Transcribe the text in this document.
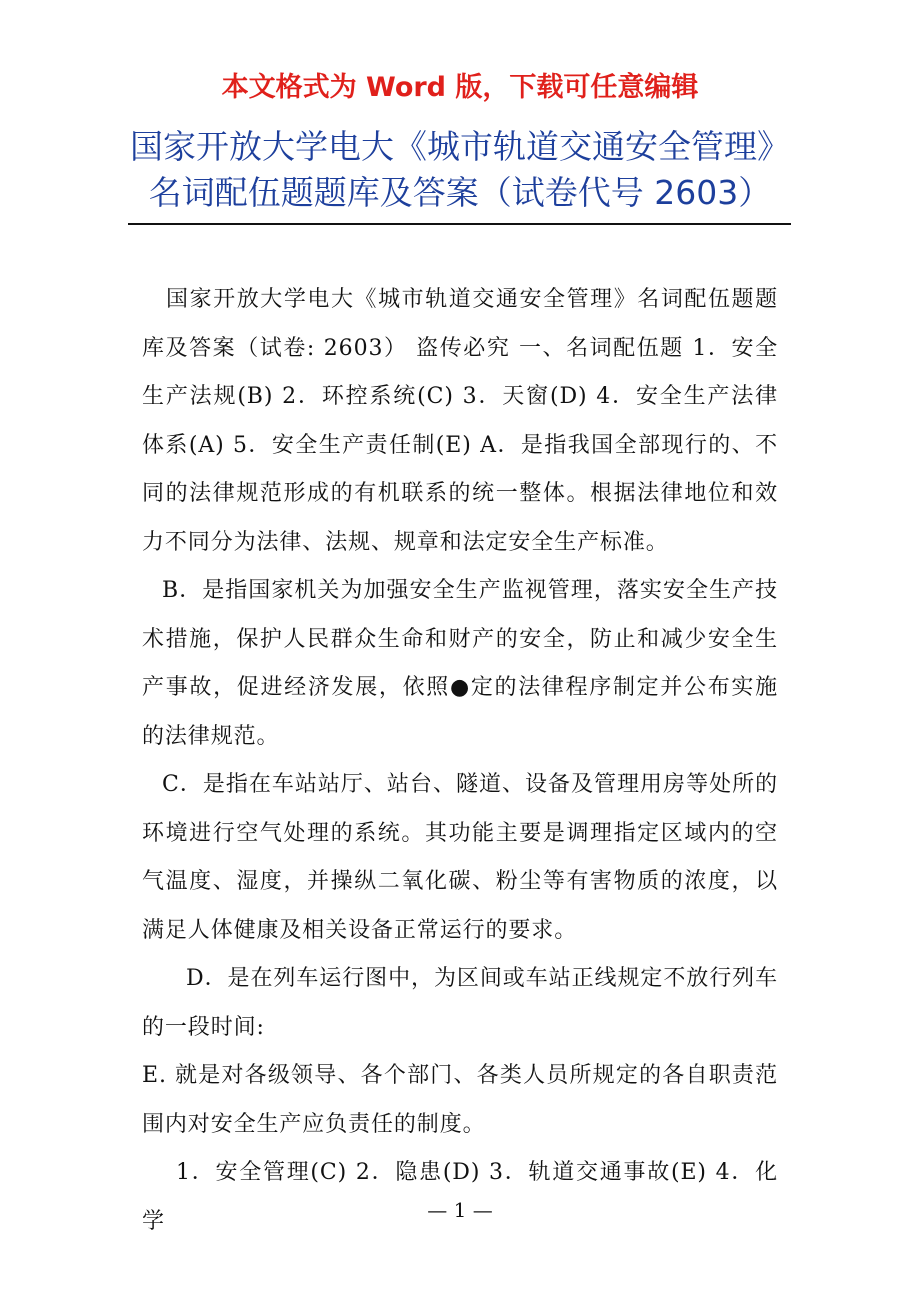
本文格式为 Word 版，下载可任意编辑
国家开放大学电大《城市轨道交通安全管理》
名词配伍题题库及答案（试卷代号 2603）

国家开放大学电大《城市轨道交通安全管理》名词配伍题题库及答案（试卷: 2603） 盗传必究 一、名词配伍题 1．安全生产法规(B) 2．环控系统(C) 3．天窗(D) 4．安全生产法律体系(A) 5．安全生产责任制(E) A．是指我国全部现行的、不同的法律规范形成的有机联系的统一整体。根据法律地位和效力不同分为法律、法规、规章和法定安全生产标准。

B．是指国家机关为加强安全生产监视管理，落实安全生产技术措施，保护人民群众生命和财产的安全，防止和减少安全生产事故，促进经济发展，依照●定的法律程序制定并公布实施的法律规范。

C．是指在车站站厅、站台、隧道、设备及管理用房等处所的环境进行空气处理的系统。其功能主要是调理指定区域内的空气温度、湿度，并操纵二氧化碳、粉尘等有害物质的浓度，以满足人体健康及相关设备正常运行的要求。

D．是在列车运行图中，为区间或车站正线规定不放行列车的一段时间:

E. 就是对各级领导、各个部门、各类人员所规定的各自职责范围内对安全生产应负责任的制度。

1．安全管理(C) 2．隐患(D) 3．轨道交通事故(E) 4．化学	— 1 —
